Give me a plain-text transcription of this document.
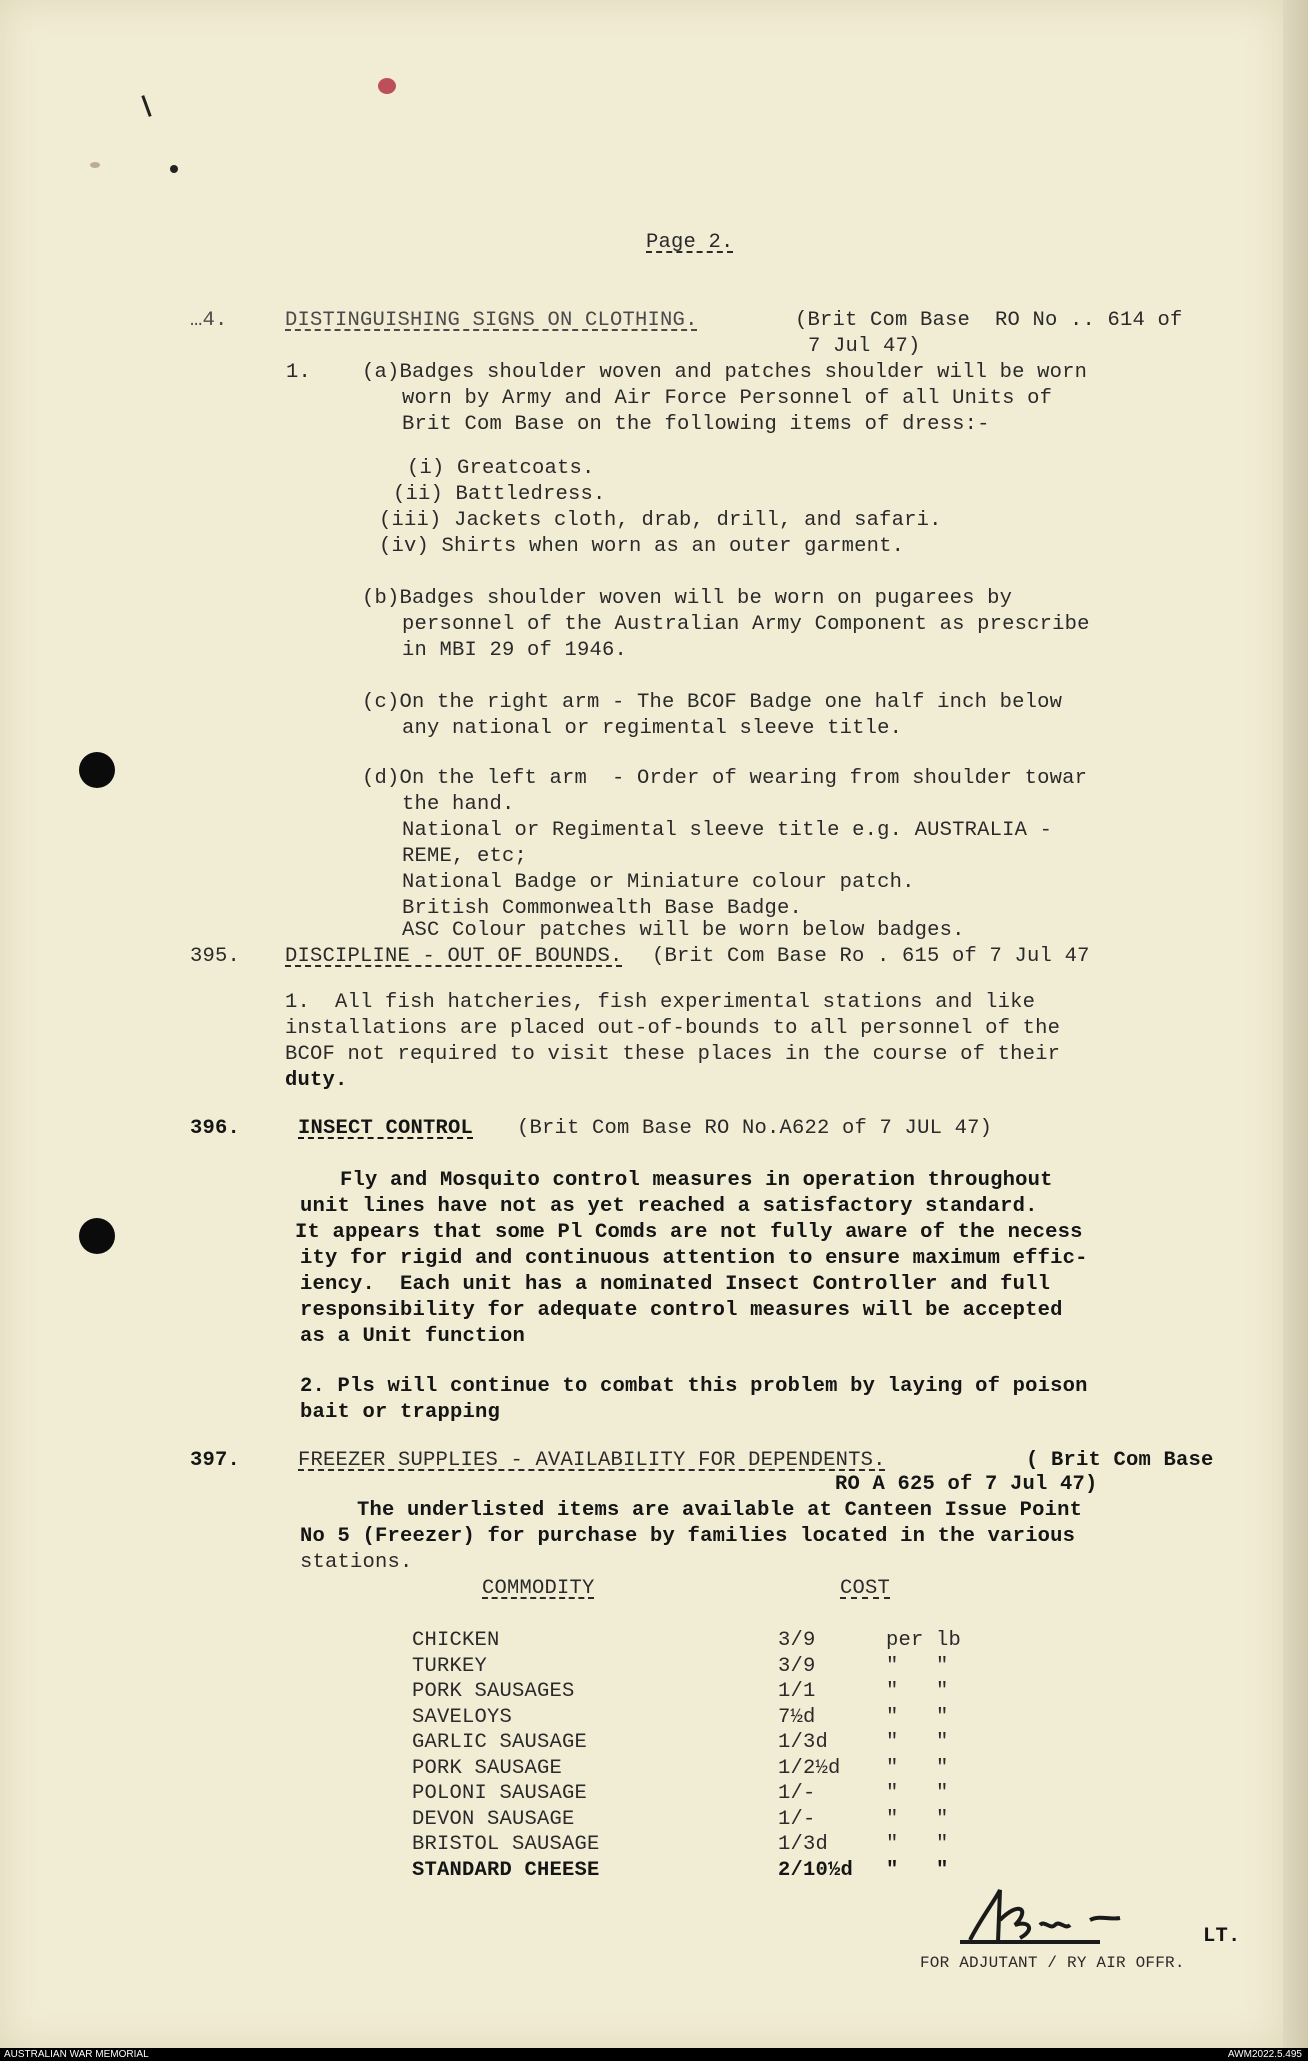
Page 2.
…4.	DISTINGUISHING SIGNS ON CLOTHING.	(Brit Com Base  RO No .. 614 of
7 Jul 47)
1. (a)Badges shoulder woven and patches shoulder will be worn
worn by Army and Air Force Personnel of all Units of
Brit Com Base on the following items of dress:-
(i) Greatcoats.
(ii) Battledress.
(iii) Jackets cloth, drab, drill, and safari.
(iv) Shirts when worn as an outer garment.
(b)Badges shoulder woven will be worn on pugarees by
personnel of the Australian Army Component as prescribe
in MBI 29 of 1946.
(c)On the right arm - The BCOF Badge one half inch below
any national or regimental sleeve title.
(d)On the left arm  - Order of wearing from shoulder towar
the hand.
National or Regimental sleeve title e.g. AUSTRALIA -
REME, etc;
National Badge or Miniature colour patch.
British Commonwealth Base Badge.
ASC Colour patches will be worn below badges.
395. DISCIPLINE - OUT OF BOUNDS. (Brit Com Base Ro . 615 of 7 Jul 47
1.  All fish hatcheries, fish experimental stations and like
installations are placed out-of-bounds to all personnel of the
BCOF not required to visit these places in the course of their
duty.
396.	INSECT CONTROL (Brit Com Base RO No.A622 of 7 JUL 47)
Fly and Mosquito control measures in operation throughout
unit lines have not as yet reached a satisfactory standard.
It appears that some Pl Comds are not fully aware of the necess
ity for rigid and continuous attention to ensure maximum effic-
iency.  Each unit has a nominated Insect Controller and full
responsibility for adequate control measures will be accepted
as a Unit function
2. Pls will continue to combat this problem by laying of poison
bait or trapping
397.	FREEZER SUPPLIES - AVAILABILITY FOR DEPENDENTS.	( Brit Com Base
RO A 625 of 7 Jul 47)
The underlisted items are available at Canteen Issue Point
No 5 (Freezer) for purchase by families located in the various
stations.
COMMODITY	COST
CHICKEN	3/9	per lb
TURKEY	3/9	"   "
PORK SAUSAGES	1/1	"   "
SAVELOYS	7½d	"   "
GARLIC SAUSAGE	1/3d	"   "
PORK SAUSAGE	1/2½d "   "
POLONI SAUSAGE	1/-	"   "
DEVON SAUSAGE	1/-	"   "
BRISTOL SAUSAGE	1/3d	"   "
STANDARD CHEESE	2/10½d "   "
LT.
FOR ADJUTANT / RY AIR OFFR.
AUSTRALIAN WAR MEMORIAL	AWM2022.5.495
